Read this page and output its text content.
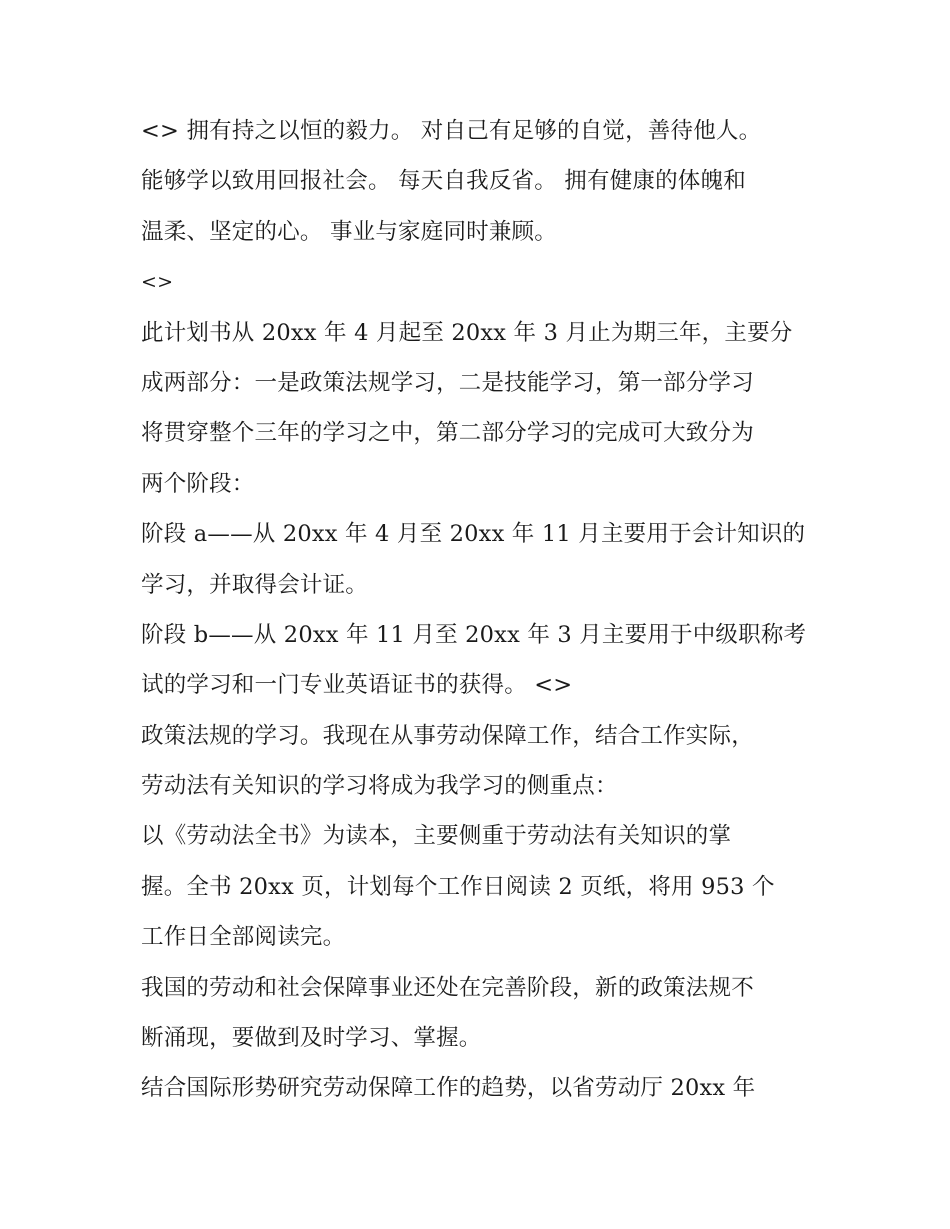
<> 拥有持之以恒的毅力。 对自己有足够的自觉，善待他人。
能够学以致用回报社会。 每天自我反省。 拥有健康的体魄和
温柔、坚定的心。 事业与家庭同时兼顾。
<>
此计划书从 20xx 年 4 月起至 20xx 年 3 月止为期三年，主要分
成两部分：一是政策法规学习，二是技能学习，第一部分学习
将贯穿整个三年的学习之中，第二部分学习的完成可大致分为
两个阶段：
阶段 a——从 20xx 年 4 月至 20xx 年 11 月主要用于会计知识的
学习，并取得会计证。
阶段 b——从 20xx 年 11 月至 20xx 年 3 月主要用于中级职称考
试的学习和一门专业英语证书的获得。 <>
政策法规的学习。我现在从事劳动保障工作，结合工作实际，
劳动法有关知识的学习将成为我学习的侧重点：
以《劳动法全书》为读本，主要侧重于劳动法有关知识的掌
握。全书 20xx 页，计划每个工作日阅读 2 页纸，将用 953 个
工作日全部阅读完。
我国的劳动和社会保障事业还处在完善阶段，新的政策法规不
断涌现，要做到及时学习、掌握。
结合国际形势研究劳动保障工作的趋势，以省劳动厅 20xx 年
